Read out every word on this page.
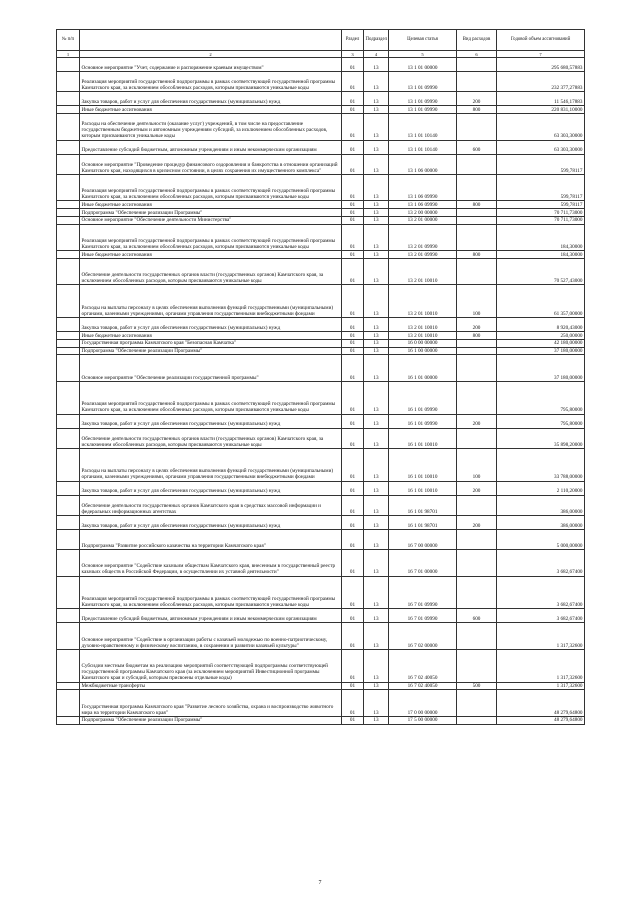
№ п/п		Раздел	Подраздел	Целевая статья	Вид расходов	Годовой объем ассигнований
1	2	3	4	5	6	7
	Основное мероприятие "Учет, содержание и распоряжение краевым имуществом"	01	13	13 1 01 00000		295 680,57883
	Реализация мероприятий государственной подпрограммы в рамках соответствующей государственной программы Камчатского края, за исключением обособленных расходов, которым присваиваются уникальные коды	01	13	13 1 01 09990		232 377,27883
	Закупка товаров, работ и услуг для обеспечения государственных (муниципальных) нужд	01	13	13 1 01 09990	200	11 546,17883
	Иные бюджетные ассигнования	01	13	13 1 01 09990	800	220 831,10000
	Расходы на обеспечение деятельности (оказание услуг) учреждений, в том числе на предоставление государственным бюджетным и автономным учреждениям субсидий, за исключением обособленных расходов, которым присваиваются уникальные коды	01	13	13 1 01 10140		63 303,30000
	Предоставление субсидий бюджетным, автономным учреждениям и иным некоммерческим организациям	01	13	13 1 01 10140	600	63 303,30000
	Основное мероприятие "Проведение процедур финансового оздоровления и банкротства в отношении организаций Камчатского края, находящихся в кризисном состоянии, в целях сохранения их имущественного комплекса"	01	13	13 1 06 00000		599,78117
	Реализация мероприятий государственной подпрограммы в рамках соответствующей государственной программы Камчатского края, за исключением обособленных расходов, которым присваиваются уникальные коды	01	13	13 1 06 09990		599,78117
	Иные бюджетные ассигнования	01	13	13 1 06 09990	800	599,78117
	Подпрограмма "Обеспечение реализации Программы"	01	13	13 2 00 00000		70 711,73000
	Основное мероприятие "Обеспечение деятельности Министерства"	01	13	13 2 01 00000		70 711,73000
	Реализация мероприятий государственной подпрограммы в рамках соответствующей государственной программы Камчатского края, за исключением обособленных расходов, которым присваиваются уникальные коды	01	13	13 2 01 09990		184,30000
	Иные бюджетные ассигнования	01	13	13 2 01 09990	800	184,30000
	Обеспечение деятельности государственных органов власти (государственных органов) Камчатского края, за исключением обособленных расходов, которым присваиваются уникальные коды	01	13	13 2 01 10010		70 527,43000
	Расходы на выплаты персоналу в целях обеспечения выполнения функций государственными (муниципальными) органами, казенными учреждениями, органами управления государственными внебюджетными фондами	01	13	13 2 01 10010	100	61 357,00000
	Закупка товаров, работ и услуг для обеспечения государственных (муниципальных) нужд	01	13	13 2 01 10010	200	8 920,43000
	Иные бюджетные ассигнования	01	13	13 2 01 10010	800	250,00000
	Государственная программа Камчатского края "Безопасная Камчатка"	01	13	16 0 00 00000		42 180,00000
	Подпрограмма "Обеспечение реализации Программы"	01	13	16 1 00 00000		37 180,00000
	Основное мероприятие "Обеспечение реализации государственной программы"	01	13	16 1 01 00000		37 180,00000
	Реализация мероприятий государственной подпрограммы в рамках соответствующей государственной программы Камчатского края, за исключением обособленных расходов, которым присваиваются уникальные коды	01	13	16 1 01 09990		795,80000
	Закупка товаров, работ и услуг для обеспечения государственных (муниципальных) нужд	01	13	16 1 01 09990	200	795,80000
	Обеспечение деятельности государственных органов власти (государственных органов) Камчатского края, за исключением обособленных расходов, которым присваиваются уникальные коды	01	13	16 1 01 10010		35 898,20000
	Расходы на выплаты персоналу в целях обеспечения выполнения функций государственными (муниципальными) органами, казенными учреждениями, органами управления государственными внебюджетными фондами	01	13	16 1 01 10010	100	33 788,00000
	Закупка товаров, работ и услуг для обеспечения государственных (муниципальных) нужд	01	13	16 1 01 10010	200	2 110,20000
	Обеспечение деятельности государственных органов Камчатского края в средствах массовой информации и федеральных информационных агентствах	01	13	16 1 01 98701		386,00000
	Закупка товаров, работ и услуг для обеспечения государственных (муниципальных) нужд	01	13	16 1 01 98701	200	386,00000
	Подпрограмма "Развитие российского казачества на территории Камчатского края"	01	13	16 7 00 00000		5 000,00000
	Основное мероприятие "Содействие казачьим обществам Камчатского края, внесенным в государственный реестр казачьих обществ в Российской Федерации, в осуществлении их уставной деятельности"	01	13	16 7 01 00000		3 682,67400
	Реализация мероприятий государственной подпрограммы в рамках соответствующей государственной программы Камчатского края, за исключением обособленных расходов, которым присваиваются уникальные коды	01	13	16 7 01 09990		3 682,67400
	Предоставление субсидий бюджетным, автономным учреждениям и иным некоммерческим организациям	01	13	16 7 01 09990	600	3 682,67400
	Основное мероприятие "Содействие в организации работы с казачьей молодежью по военно-патриотическому, духовно-нравственному и физическому воспитанию, в сохранении и развитии казачьей культуры"	01	13	16 7 02 00000		1 317,32600
	Субсидии местным бюджетам на реализацию мероприятий соответствующей подпрограммы соответствующей государственной программы Камчатского края (за исключением мероприятий Инвестиционной программы Камчатского края и субсидий, которым присвоены отдельные коды)	01	13	16 7 02 40050		1 317,32600
	Межбюджетные трансферты	01	13	16 7 02 40050	500	1 317,32600
	Государственная программа Камчатского края "Развитие лесного хозяйства, охрана и воспроизводство животного мира на территории Камчатского края"	01	13	17 0 00 00000		48 279,64800
	Подпрограмма "Обеспечение реализации Программы"	01	13	17 5 00 00000		48 279,64800
7
